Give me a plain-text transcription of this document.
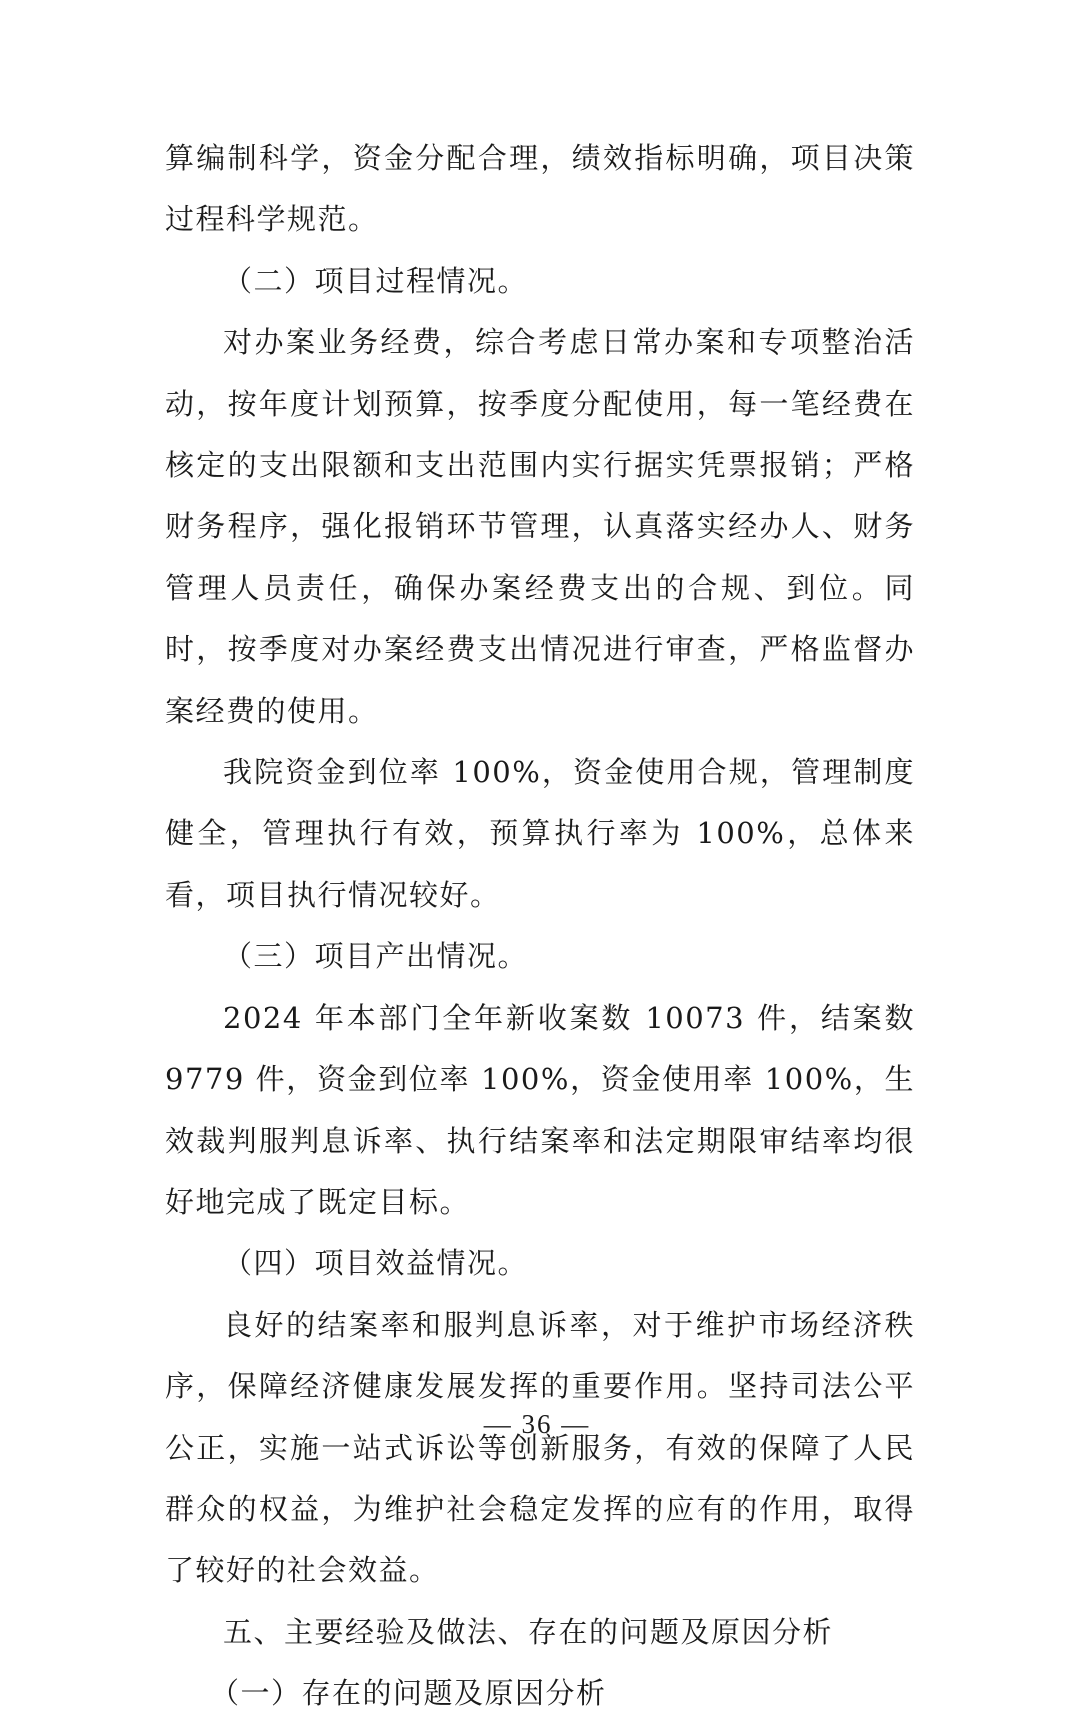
算编制科学，资金分配合理，绩效指标明确，项目决策过程科学规范。

（二）项目过程情况。

对办案业务经费，综合考虑日常办案和专项整治活动，按年度计划预算，按季度分配使用，每一笔经费在核定的支出限额和支出范围内实行据实凭票报销；严格财务程序，强化报销环节管理，认真落实经办人、财务管理人员责任，确保办案经费支出的合规、到位。同时，按季度对办案经费支出情况进行审查，严格监督办案经费的使用。

我院资金到位率 100%，资金使用合规，管理制度健全，管理执行有效，预算执行率为 100%，总体来看，项目执行情况较好。

（三）项目产出情况。

2024 年本部门全年新收案数 10073 件，结案数 9779 件，资金到位率 100%，资金使用率 100%，生效裁判服判息诉率、执行结案率和法定期限审结率均很好地完成了既定目标。

（四）项目效益情况。

良好的结案率和服判息诉率，对于维护市场经济秩序，保障经济健康发展发挥的重要作用。坚持司法公平公正，实施一站式诉讼等创新服务，有效的保障了人民群众的权益，为维护社会稳定发挥的应有的作用，取得了较好的社会效益。

五、主要经验及做法、存在的问题及原因分析

（一）存在的问题及原因分析

— 36 —
